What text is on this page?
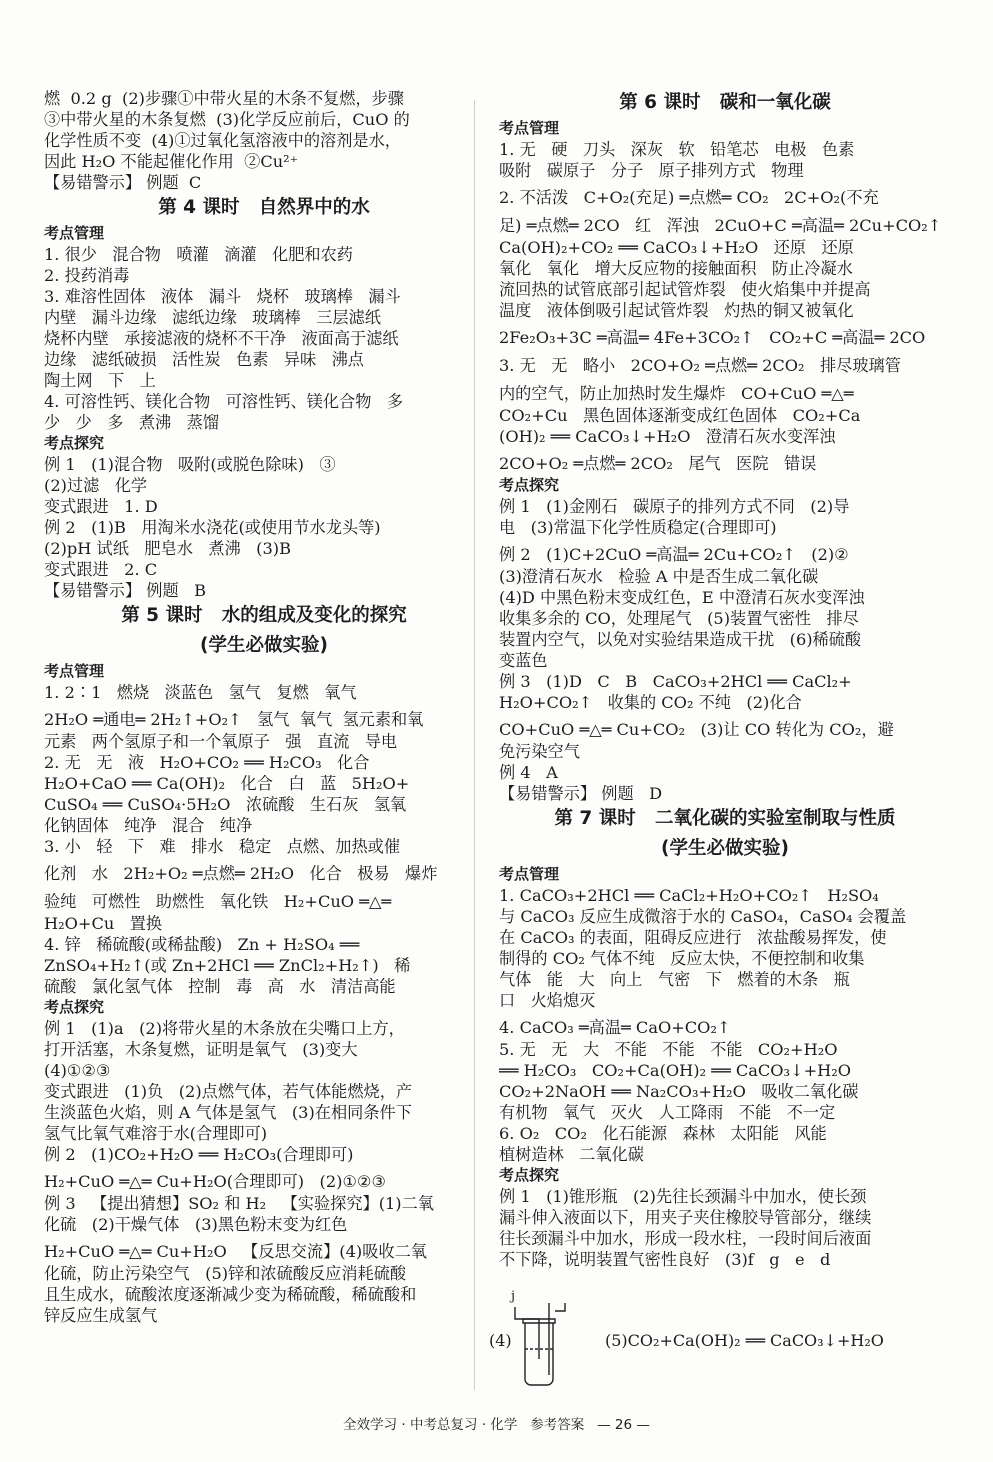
燃  0.2 g  (2)步骤①中带火星的木条不复燃，步骤
③中带火星的木条复燃  (3)化学反应前后，CuO 的
化学性质不变  (4)①过氧化氢溶液中的溶剂是水，
因此 H₂O 不能起催化作用  ②Cu²⁺
【易错警示】 例题  C
第 4 课时   自然界中的水
考点管理
1. 很少   混合物   喷灌   滴灌   化肥和农药
2. 投药消毒
3. 难溶性固体   液体   漏斗   烧杯   玻璃棒   漏斗
内壁   漏斗边缘   滤纸边缘   玻璃棒   三层滤纸
烧杯内壁   承接滤液的烧杯不干净   液面高于滤纸
边缘   滤纸破损   活性炭   色素   异味   沸点
陶土网   下   上
4. 可溶性钙、镁化合物   可溶性钙、镁化合物   多
少   少   多   煮沸   蒸馏
考点探究
例 1   (1)混合物   吸附(或脱色除味)   ③
(2)过滤   化学
变式跟进   1. D
例 2   (1)B   用淘米水浇花(或使用节水龙头等)
(2)pH 试纸   肥皂水   煮沸   (3)B
变式跟进   2. C
【易错警示】 例题   B
第 5 课时   水的组成及变化的探究
(学生必做实验)
考点管理
1. 2∶1   燃烧   淡蓝色   氢气   复燃   氧气
2H₂O ═通电═ 2H₂↑+O₂↑   氢气  氧气  氢元素和氧
元素   两个氢原子和一个氧原子   强   直流   导电
2. 无   无   液   H₂O+CO₂ ══ H₂CO₃   化合
H₂O+CaO ══ Ca(OH)₂   化合   白   蓝   5H₂O+
CuSO₄ ══ CuSO₄·5H₂O   浓硫酸   生石灰   氢氧
化钠固体   纯净   混合   纯净
3. 小   轻   下   难   排水   稳定   点燃、加热或催
化剂   水   2H₂+O₂ ═点燃═ 2H₂O   化合   极易   爆炸
验纯   可燃性   助燃性   氧化铁   H₂+CuO ═△═
H₂O+Cu   置换
4. 锌   稀硫酸(或稀盐酸)   Zn + H₂SO₄ ══
ZnSO₄+H₂↑(或 Zn+2HCl ══ ZnCl₂+H₂↑)   稀
硫酸   氯化氢气体   控制   毒   高   水   清洁高能
考点探究
例 1   (1)a   (2)将带火星的木条放在尖嘴口上方，
打开活塞，木条复燃，证明是氧气   (3)变大
(4)①②③
变式跟进   (1)负   (2)点燃气体，若气体能燃烧，产
生淡蓝色火焰，则 A 气体是氢气   (3)在相同条件下
氢气比氧气难溶于水(合理即可)
例 2   (1)CO₂+H₂O ══ H₂CO₃(合理即可)
H₂+CuO ═△═ Cu+H₂O(合理即可)   (2)①②③
例 3   【提出猜想】SO₂ 和 H₂   【实验探究】(1)二氧
化硫   (2)干燥气体   (3)黑色粉末变为红色
H₂+CuO ═△═ Cu+H₂O   【反思交流】(4)吸收二氧
化硫，防止污染空气   (5)锌和浓硫酸反应消耗硫酸
且生成水，硫酸浓度逐渐减少变为稀硫酸，稀硫酸和
锌反应生成氢气
第 6 课时   碳和一氧化碳
考点管理
1. 无   硬   刀头   深灰   软   铅笔芯   电极   色素
吸附   碳原子   分子   原子排列方式   物理
2. 不活泼   C+O₂(充足) ═点燃═ CO₂   2C+O₂(不充
足) ═点燃═ 2CO   红   浑浊   2CuO+C ═高温═ 2Cu+CO₂↑
Ca(OH)₂+CO₂ ══ CaCO₃↓+H₂O   还原   还原
氧化   氧化   增大反应物的接触面积   防止冷凝水
流回热的试管底部引起试管炸裂   使火焰集中并提高
温度   液体倒吸引起试管炸裂   灼热的铜又被氧化
2Fe₂O₃+3C ═高温═ 4Fe+3CO₂↑   CO₂+C ═高温═ 2CO
3. 无   无   略小   2CO+O₂ ═点燃═ 2CO₂   排尽玻璃管
内的空气，防止加热时发生爆炸   CO+CuO ═△═
CO₂+Cu   黑色固体逐渐变成红色固体   CO₂+Ca
(OH)₂ ══ CaCO₃↓+H₂O   澄清石灰水变浑浊
2CO+O₂ ═点燃═ 2CO₂   尾气   医院   错误
考点探究
例 1   (1)金刚石   碳原子的排列方式不同   (2)导
电   (3)常温下化学性质稳定(合理即可)
例 2   (1)C+2CuO ═高温═ 2Cu+CO₂↑   (2)②
(3)澄清石灰水   检验 A 中是否生成二氧化碳
(4)D 中黑色粉末变成红色，E 中澄清石灰水变浑浊
收集多余的 CO，处理尾气   (5)装置气密性   排尽
装置内空气，以免对实验结果造成干扰   (6)稀硫酸
变蓝色
例 3   (1)D   C   B   CaCO₃+2HCl ══ CaCl₂+
H₂O+CO₂↑   收集的 CO₂ 不纯   (2)化合
CO+CuO ═△═ Cu+CO₂   (3)让 CO 转化为 CO₂，避
免污染空气
例 4   A
【易错警示】 例题   D
第 7 课时   二氧化碳的实验室制取与性质
(学生必做实验)
考点管理
1. CaCO₃+2HCl ══ CaCl₂+H₂O+CO₂↑   H₂SO₄
与 CaCO₃ 反应生成微溶于水的 CaSO₄，CaSO₄ 会覆盖
在 CaCO₃ 的表面，阻碍反应进行   浓盐酸易挥发，使
制得的 CO₂ 气体不纯   反应太快，不便控制和收集
气体   能   大   向上   气密   下   燃着的木条   瓶
口   火焰熄灭
4. CaCO₃ ═高温═ CaO+CO₂↑
5. 无   无   大   不能   不能   不能   CO₂+H₂O
══ H₂CO₃   CO₂+Ca(OH)₂ ══ CaCO₃↓+H₂O
CO₂+2NaOH ══ Na₂CO₃+H₂O   吸收二氧化碳
有机物   氧气   灭火   人工降雨   不能   不一定
6. O₂   CO₂   化石能源   森林   太阳能   风能
植树造林   二氧化碳
考点探究
例 1   (1)锥形瓶   (2)先往长颈漏斗中加水，使长颈
漏斗伸入液面以下，用夹子夹住橡胶导管部分，继续
往长颈漏斗中加水，形成一段水柱，一段时间后液面
不下降，说明装置气密性良好   (3)f   g   e   d
(4)
j
(5)CO₂+Ca(OH)₂ ══ CaCO₃↓+H₂O
全效学习 · 中考总复习 · 化学   参考答案   — 26 —
